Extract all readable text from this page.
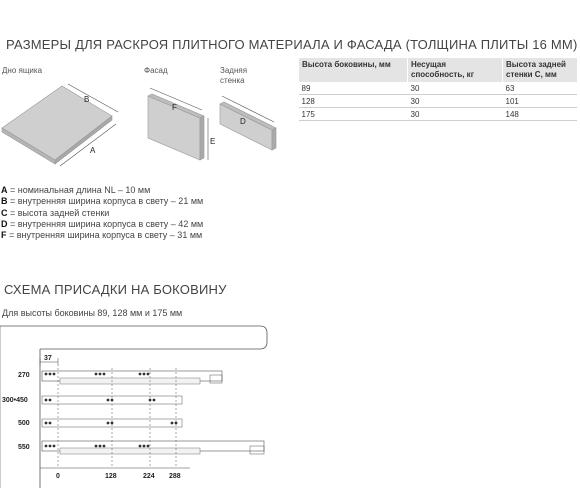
РАЗМЕРЫ ДЛЯ РАСКРОЯ ПЛИТНОГО МАТЕРИАЛА И ФАСАДА (ТОЛЩИНА ПЛИТЫ 16 ММ)
Дно ящика	Фасад	Задняя
стенка
B
A
F
E
D
A = номинальная длина NL – 10 мм
B = внутренняя ширина корпуса в свету – 21 мм
C = высота задней стенки
D = внутренняя ширина корпуса в свету – 42 мм
F = внутренняя ширина корпуса в свету – 31 мм
Высота боковины, мм	Несущая способность, кг	Высота задней стенки С, мм
89	30	63
128	30	101
175	30	148
СХЕМА ПРИСАДКИ НА БОКОВИНУ
Для высоты боковины 89, 128 мм и 175 мм
37
270
300•450
500
550
0	128	224 288
